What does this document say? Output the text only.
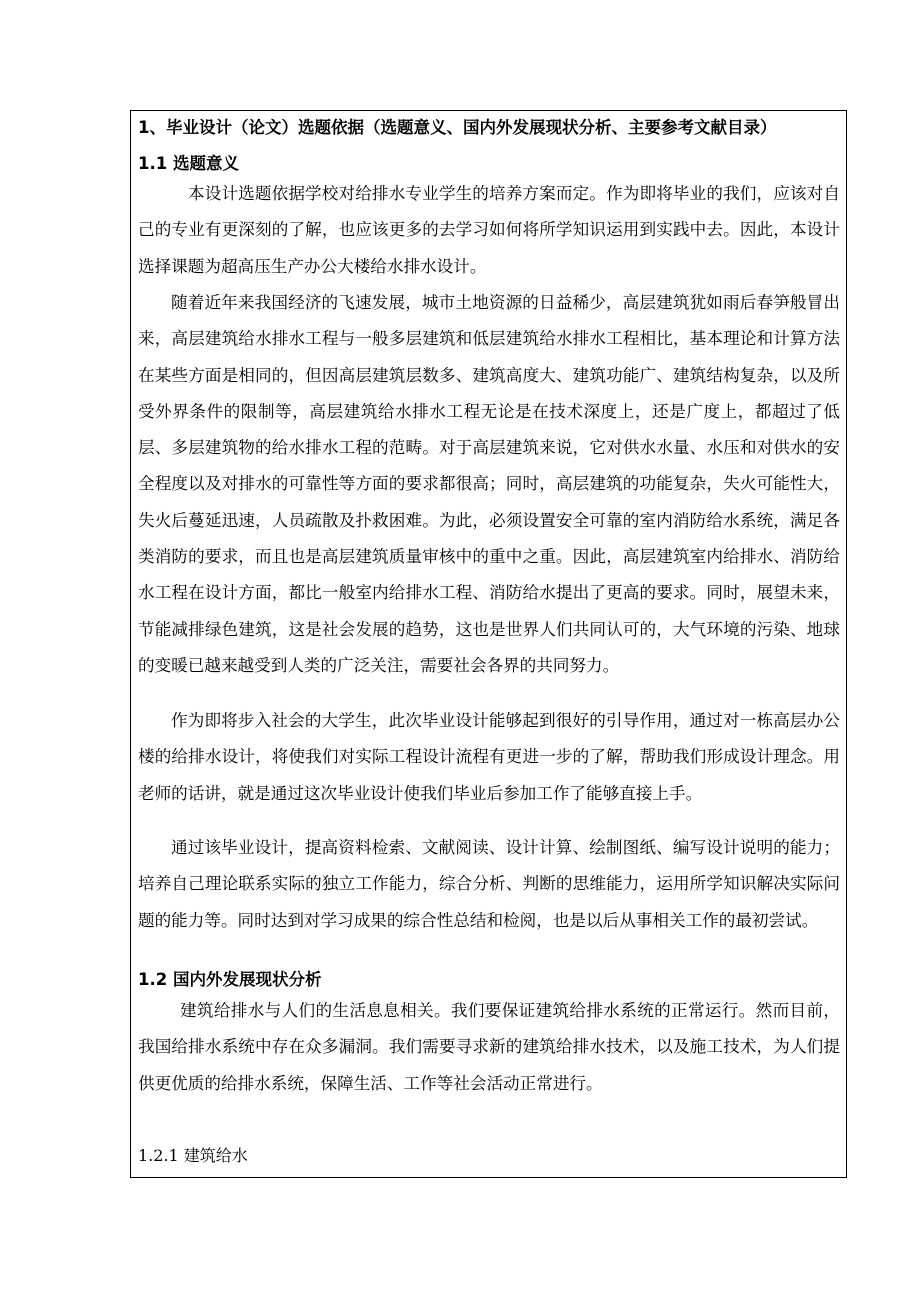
1、毕业设计（论文）选题依据（选题意义、国内外发展现状分析、主要参考文献目录）
1.1 选题意义

本设计选题依据学校对给排水专业学生的培养方案而定。作为即将毕业的我们，应该对自己的专业有更深刻的了解，也应该更多的去学习如何将所学知识运用到实践中去。因此，本设计选择课题为超高压生产办公大楼给水排水设计。

随着近年来我国经济的飞速发展，城市土地资源的日益稀少，高层建筑犹如雨后春笋般冒出来，高层建筑给水排水工程与一般多层建筑和低层建筑给水排水工程相比，基本理论和计算方法在某些方面是相同的，但因高层建筑层数多、建筑高度大、建筑功能广、建筑结构复杂，以及所受外界条件的限制等，高层建筑给水排水工程无论是在技术深度上，还是广度上，都超过了低层、多层建筑物的给水排水工程的范畴。对于高层建筑来说，它对供水水量、水压和对供水的安全程度以及对排水的可靠性等方面的要求都很高；同时，高层建筑的功能复杂，失火可能性大，失火后蔓延迅速，人员疏散及扑救困难。为此，必须设置安全可靠的室内消防给水系统，满足各类消防的要求，而且也是高层建筑质量审核中的重中之重。因此，高层建筑室内给排水、消防给水工程在设计方面，都比一般室内给排水工程、消防给水提出了更高的要求。同时，展望未来，节能减排绿色建筑，这是社会发展的趋势，这也是世界人们共同认可的，大气环境的污染、地球的变暖已越来越受到人类的广泛关注，需要社会各界的共同努力。

作为即将步入社会的大学生，此次毕业设计能够起到很好的引导作用，通过对一栋高层办公楼的给排水设计，将使我们对实际工程设计流程有更进一步的了解，帮助我们形成设计理念。用老师的话讲，就是通过这次毕业设计使我们毕业后参加工作了能够直接上手。

通过该毕业设计，提高资料检索、文献阅读、设计计算、绘制图纸、编写设计说明的能力；培养自己理论联系实际的独立工作能力，综合分析、判断的思维能力，运用所学知识解决实际问题的能力等。同时达到对学习成果的综合性总结和检阅，也是以后从事相关工作的最初尝试。

1.2 国内外发展现状分析

建筑给排水与人们的生活息息相关。我们要保证建筑给排水系统的正常运行。然而目前，我国给排水系统中存在众多漏洞。我们需要寻求新的建筑给排水技术，以及施工技术，为人们提供更优质的给排水系统，保障生活、工作等社会活动正常进行。

1.2.1 建筑给水
